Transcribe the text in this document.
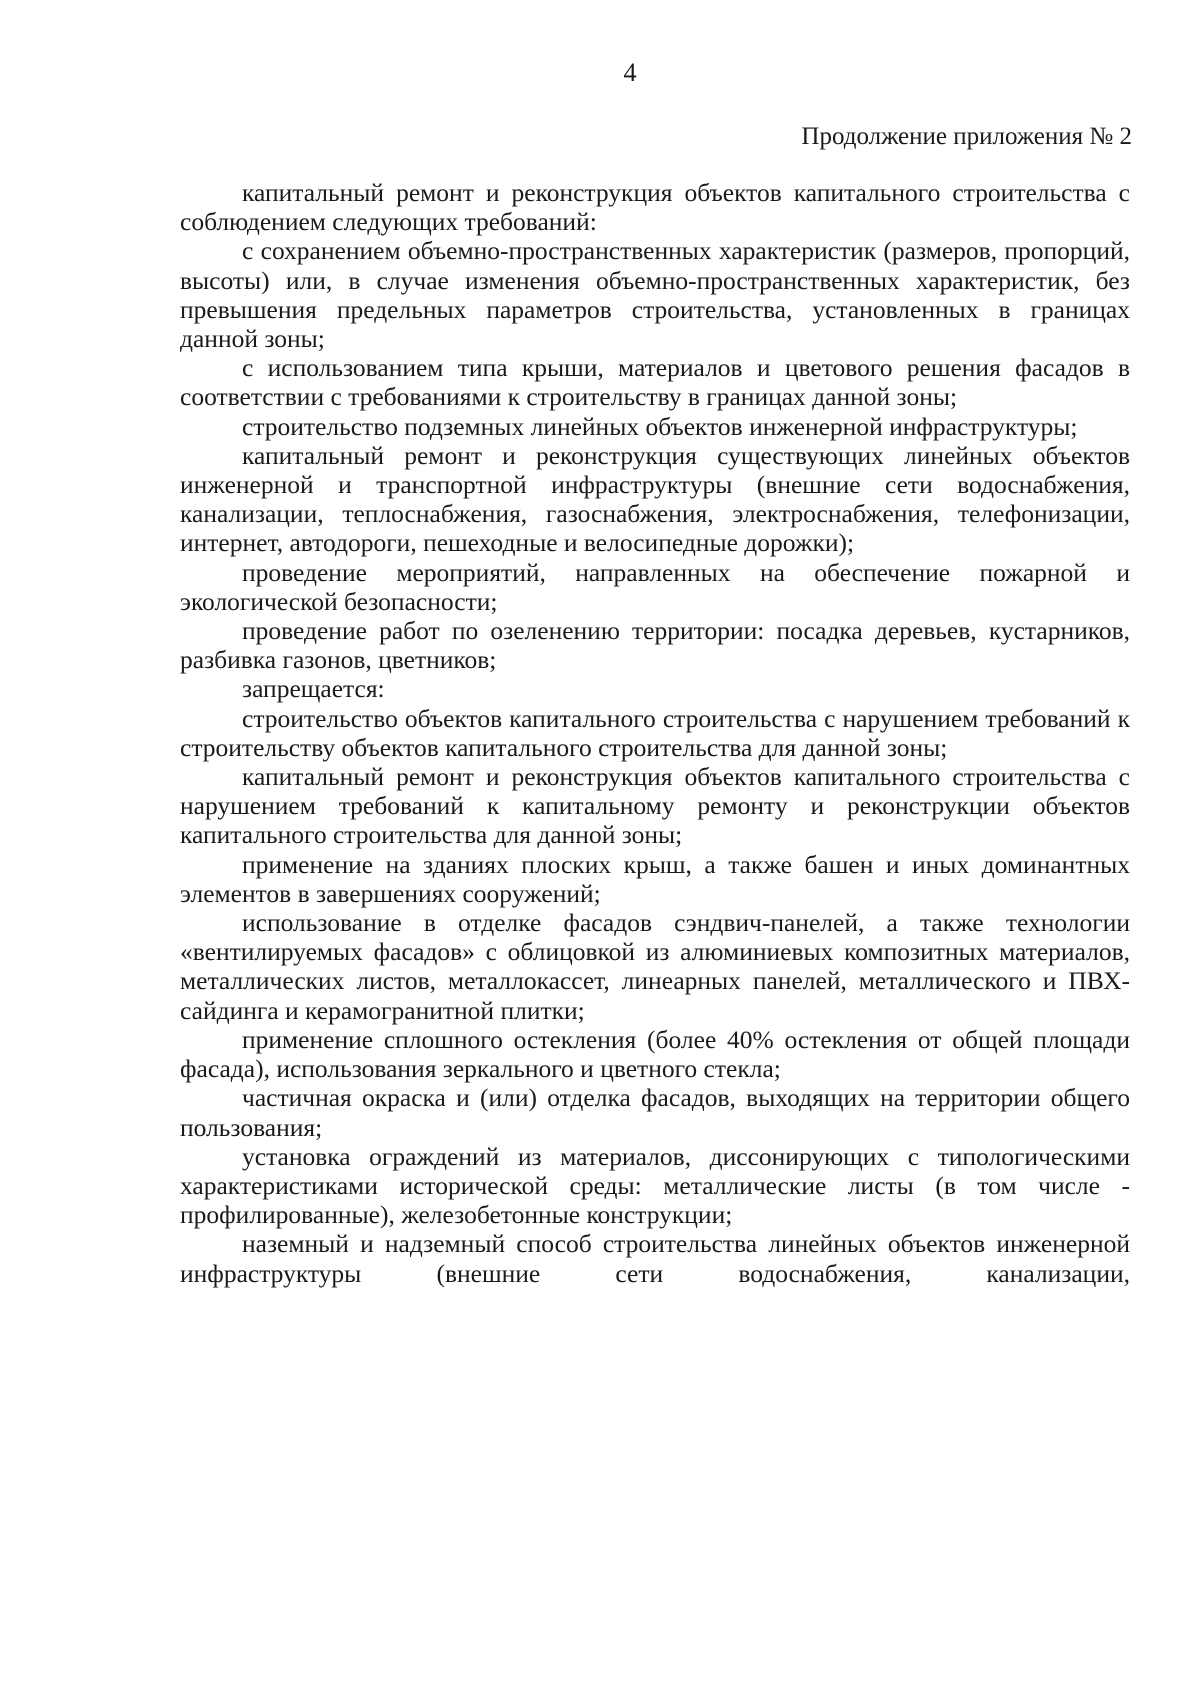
4
Продолжение приложения № 2

капитальный ремонт и реконструкция объектов капитального строительства с соблюдением следующих требований:

с сохранением объемно-пространственных характеристик (размеров, пропорций, высоты) или, в случае изменения объемно-пространственных характеристик, без превышения предельных параметров строительства, установленных в границах данной зоны;

с использованием типа крыши, материалов и цветового решения фасадов в соответствии с требованиями к строительству в границах данной зоны;

строительство подземных линейных объектов инженерной инфраструктуры;

капитальный ремонт и реконструкция существующих линейных объектов инженерной и транспортной инфраструктуры (внешние сети водоснабжения, канализации, теплоснабжения, газоснабжения, электроснабжения, телефонизации, интернет, автодороги, пешеходные и велосипедные дорожки);

проведение мероприятий, направленных на обеспечение пожарной и экологической безопасности;

проведение работ по озеленению территории: посадка деревьев, кустарников, разбивка газонов, цветников;

запрещается:

строительство объектов капитального строительства с нарушением требований к строительству объектов капитального строительства для данной зоны;

капитальный ремонт и реконструкция объектов капитального строительства с нарушением требований к капитальному ремонту и реконструкции объектов капитального строительства для данной зоны;

применение на зданиях плоских крыш, а также башен и иных доминантных элементов в завершениях сооружений;

использование в отделке фасадов сэндвич-панелей, а также технологии «вентилируемых фасадов» с облицовкой из алюминиевых композитных материалов, металлических листов, металлокассет, линеарных панелей, металлического и ПВХ-сайдинга и керамогранитной плитки;

применение сплошного остекления (более 40% остекления от общей площади фасада), использования зеркального и цветного стекла;

частичная окраска и (или) отделка фасадов, выходящих на территории общего пользования;

установка ограждений из материалов, диссонирующих с типологическими характеристиками исторической среды: металлические листы (в том числе - профилированные), железобетонные конструкции;

наземный и надземный способ строительства линейных объектов инженерной инфраструктуры (внешние сети водоснабжения, канализации,
